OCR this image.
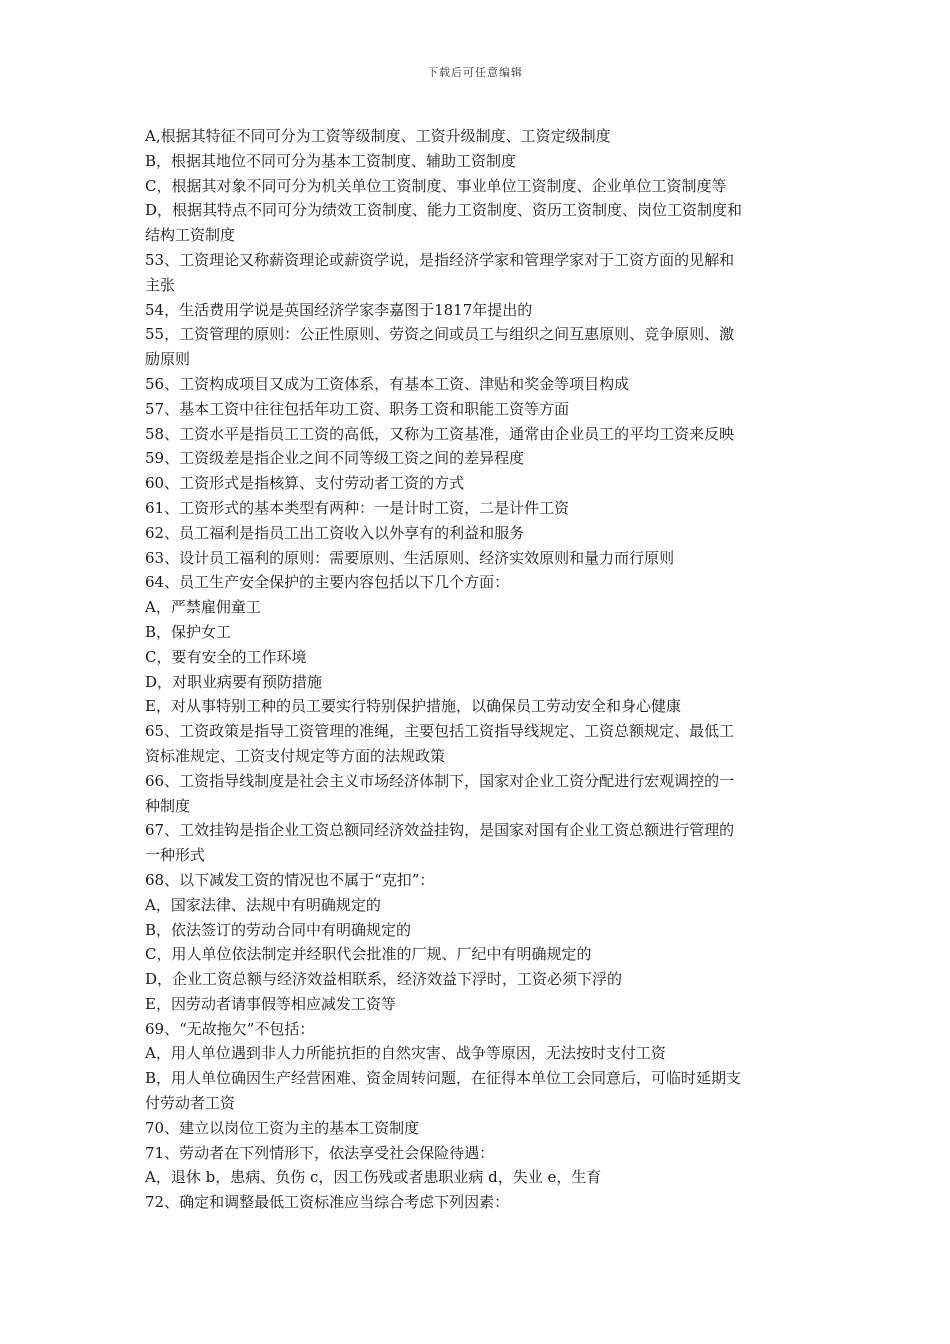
下载后可任意编辑
A,根据其特征不同可分为工资等级制度、工资升级制度、工资定级制度
B，根据其地位不同可分为基本工资制度、辅助工资制度
C，根据其对象不同可分为机关单位工资制度、事业单位工资制度、企业单位工资制度等
D，根据其特点不同可分为绩效工资制度、能力工资制度、资历工资制度、岗位工资制度和
结构工资制度
53、工资理论又称薪资理论或薪资学说，是指经济学家和管理学家对于工资方面的见解和
主张
54，生活费用学说是英国经济学家李嘉图于1817年提出的
55，工资管理的原则：公正性原则、劳资之间或员工与组织之间互惠原则、竞争原则、激
励原则
56、工资构成项目又成为工资体系，有基本工资、津贴和奖金等项目构成
57、基本工资中往往包括年功工资、职务工资和职能工资等方面
58、工资水平是指员工工资的高低，又称为工资基准，通常由企业员工的平均工资来反映
59、工资级差是指企业之间不同等级工资之间的差异程度
60、工资形式是指核算、支付劳动者工资的方式
61、工资形式的基本类型有两种：一是计时工资，二是计件工资
62、员工福利是指员工出工资收入以外享有的利益和服务
63、设计员工福利的原则：需要原则、生活原则、经济实效原则和量力而行原则
64、员工生产安全保护的主要内容包括以下几个方面：
A，严禁雇佣童工
B，保护女工
C，要有安全的工作环境
D，对职业病要有预防措施
E，对从事特别工种的员工要实行特别保护措施，以确保员工劳动安全和身心健康
65、工资政策是指导工资管理的准绳，主要包括工资指导线规定、工资总额规定、最低工
资标准规定、工资支付规定等方面的法规政策
66、工资指导线制度是社会主义市场经济体制下，国家对企业工资分配进行宏观调控的一
种制度
67、工效挂钩是指企业工资总额同经济效益挂钩，是国家对国有企业工资总额进行管理的
一种形式
68、以下减发工资的情况也不属于“克扣”：
A，国家法律、法规中有明确规定的
B，依法签订的劳动合同中有明确规定的
C，用人单位依法制定并经职代会批准的厂规、厂纪中有明确规定的
D，企业工资总额与经济效益相联系，经济效益下浮时，工资必须下浮的
E，因劳动者请事假等相应减发工资等
69、“无故拖欠”不包括：
A，用人单位遇到非人力所能抗拒的自然灾害、战争等原因，无法按时支付工资
B，用人单位确因生产经营困难、资金周转问题，在征得本单位工会同意后，可临时延期支
付劳动者工资
70、建立以岗位工资为主的基本工资制度
71、劳动者在下列情形下，依法享受社会保险待遇：
A，退休 b，患病、负伤 c，因工伤残或者患职业病 d，失业 e，生育
72、确定和调整最低工资标准应当综合考虑下列因素：
